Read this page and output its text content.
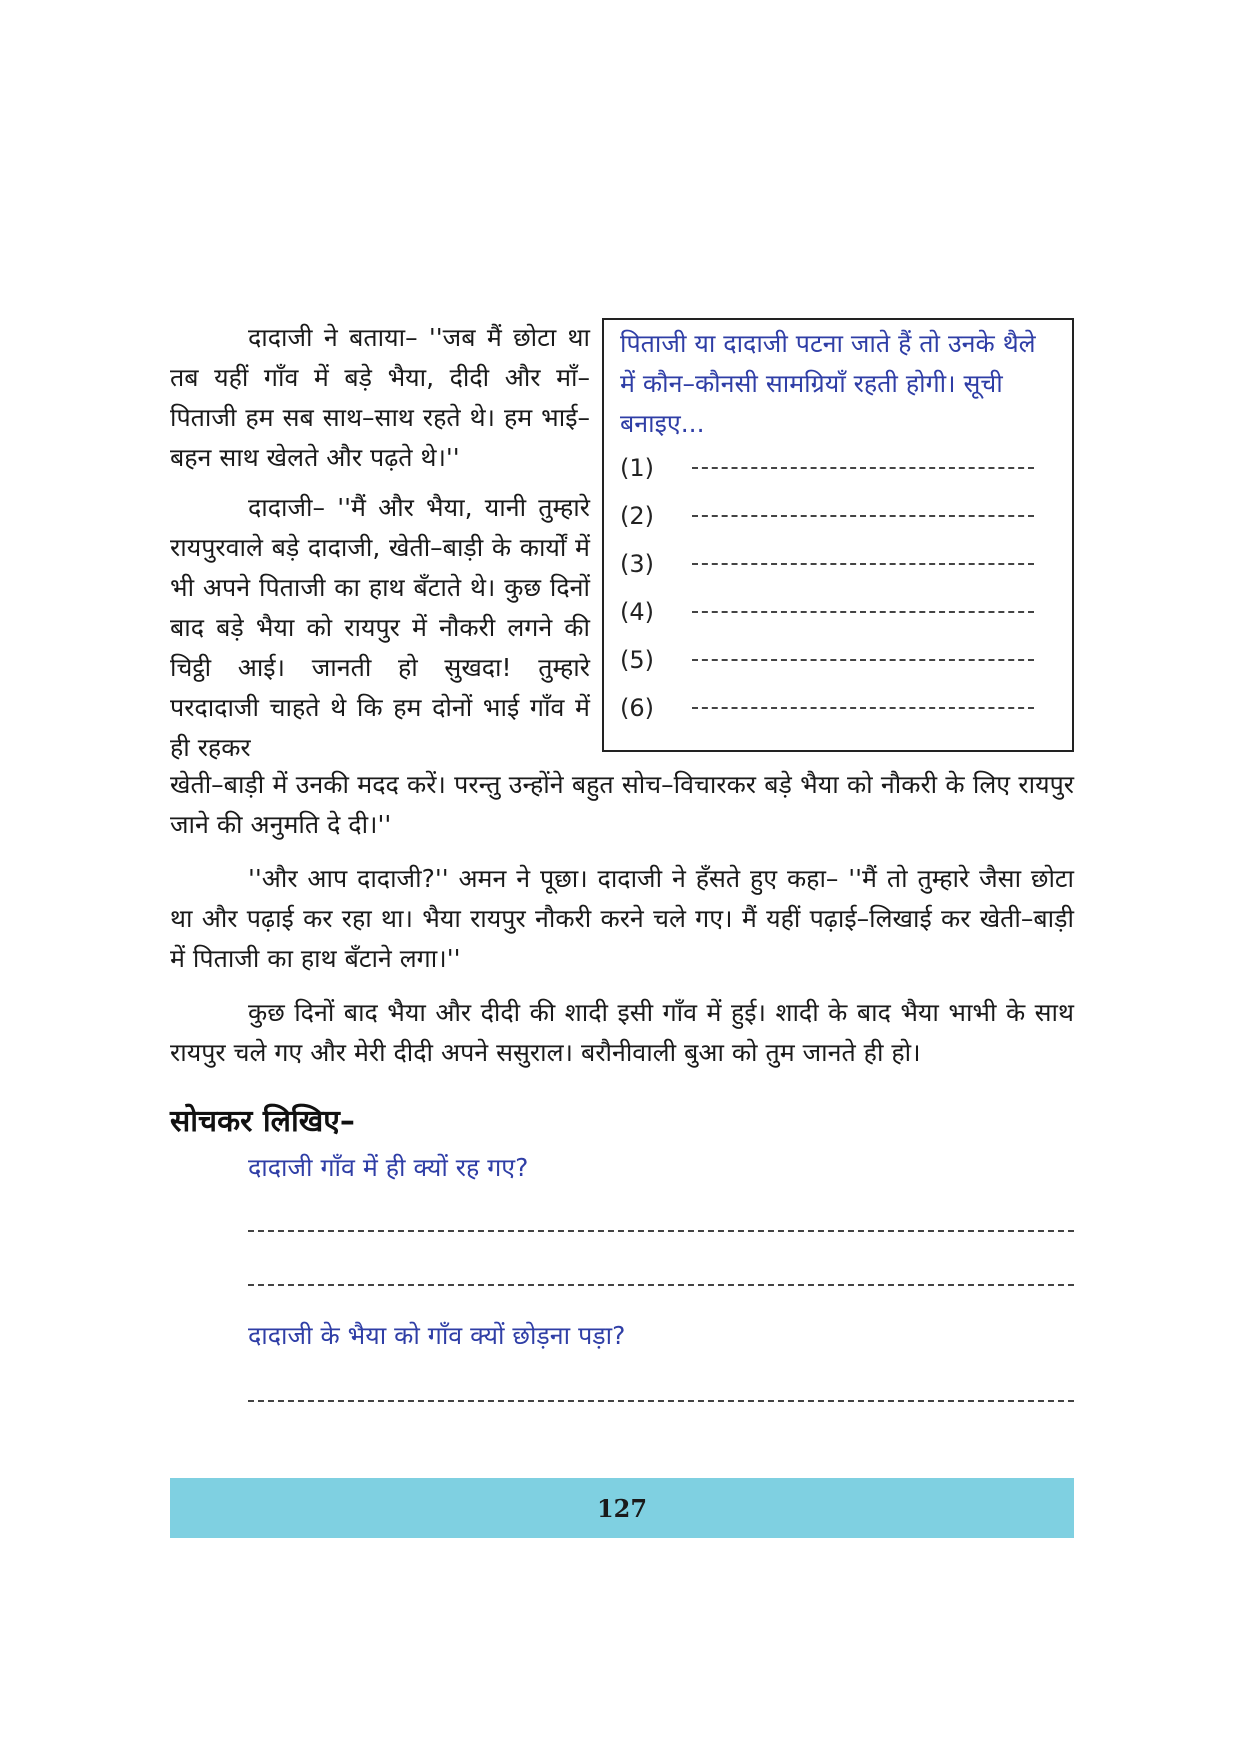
दादाजी ने बताया– ''जब मैं छोटा था तब यहीं गाँव में बड़े भैया, दीदी और माँ–पिताजी हम सब साथ–साथ रहते थे। हम भाई–बहन साथ खेलते और पढ़ते थे।''

दादाजी– ''मैं और भैया, यानी तुम्हारे रायपुरवाले बड़े दादाजी, खेती–बाड़ी के कार्यों में भी अपने पिताजी का हाथ बँटाते थे। कुछ दिनों बाद बड़े भैया को रायपुर में नौकरी लगने की चिट्ठी आई। जानती हो सुखदा! तुम्हारे परदादाजी चाहते थे कि हम दोनों भाई गाँव में ही रहकर

पिताजी या दादाजी पटना जाते हैं तो उनके थैले में कौन–कौनसी सामग्रियाँ रहती होगी। सूची बनाइए...

(1)
(2)
(3)
(4)
(5)
(6)

खेती–बाड़ी में उनकी मदद करें। परन्तु उन्होंने बहुत सोच–विचारकर बड़े भैया को नौकरी के लिए रायपुर जाने की अनुमति दे दी।''

''और आप दादाजी?'' अमन ने पूछा। दादाजी ने हँसते हुए कहा– ''मैं तो तुम्हारे जैसा छोटा था और पढ़ाई कर रहा था। भैया रायपुर नौकरी करने चले गए। मैं यहीं पढ़ाई–लिखाई कर खेती–बाड़ी में पिताजी का हाथ बँटाने लगा।''

कुछ दिनों बाद भैया और दीदी की शादी इसी गाँव में हुई। शादी के बाद भैया भाभी के साथ रायपुर चले गए और मेरी दीदी अपने ससुराल। बरौनीवाली बुआ को तुम जानते ही हो।

सोचकर लिखिए–
दादाजी गाँव में ही क्यों रह गए?
दादाजी के भैया को गाँव क्यों छोड़ना पड़ा?
127
